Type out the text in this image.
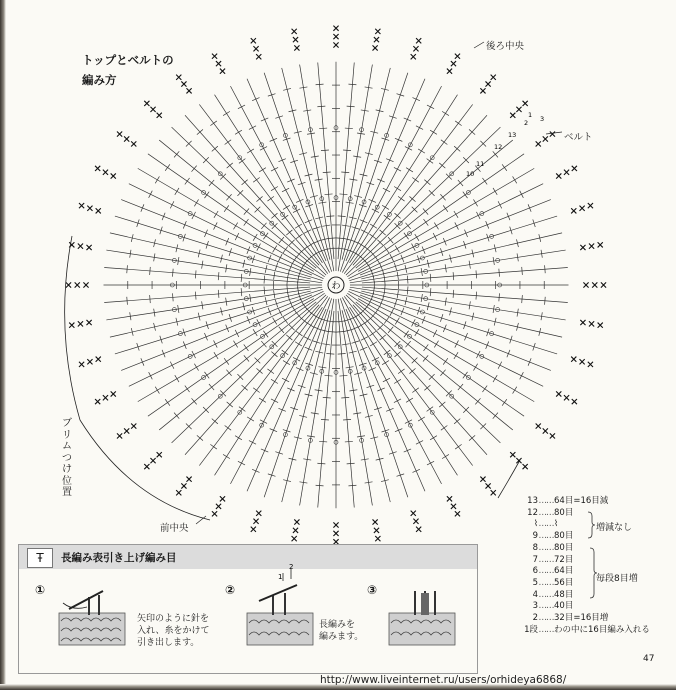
トップとベルトの
編み方
わ
1
2 3
10
11
12
13
後ろ中央
ベルト
前中央
ブリムつけ位置
13……64目=16目減
12……80目
⌇……⌇
9……80目
8……80目
7……72目
6……64目
5……56目
4……48目
3……40目
2……32目=16目増
1段……わの中に16目編み入れる
増減なし
毎段8目増
Ŧ	長編み表引き上げ編み目
①
矢印のように針を
入れ、糸をかけて
引き出します。
②
長編みを
編みます。
③
1
2
47
http://www.liveinternet.ru/users/orhideya6868/
